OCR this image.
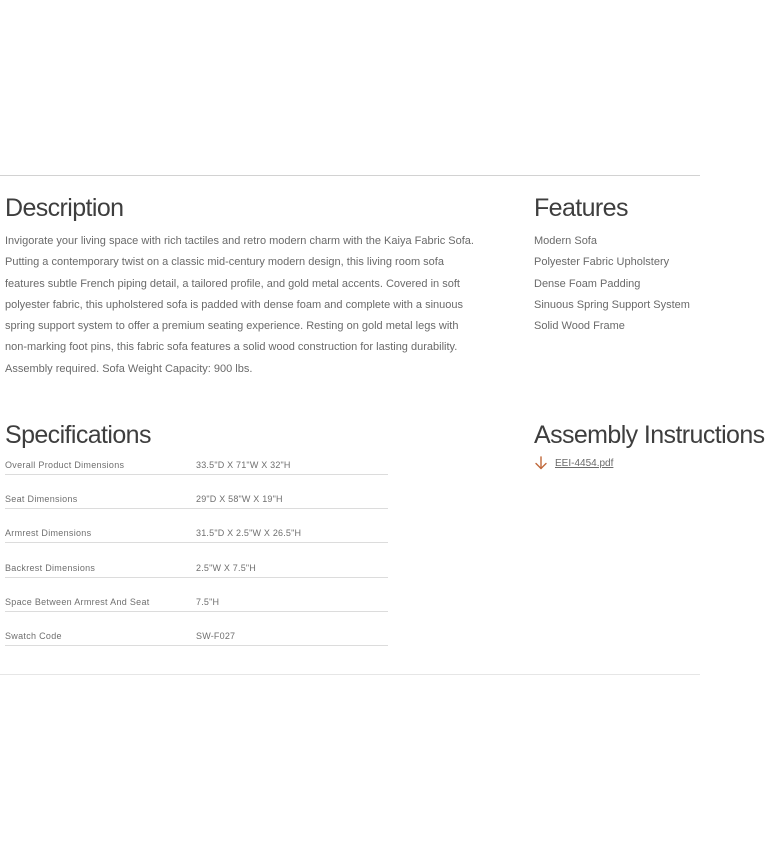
Description

Invigorate your living space with rich tactiles and retro modern charm with the Kaiya Fabric Sofa. Putting a contemporary twist on a classic mid-century modern design, this living room sofa features subtle French piping detail, a tailored profile, and gold metal accents. Covered in soft polyester fabric, this upholstered sofa is padded with dense foam and complete with a sinuous spring support system to offer a premium seating experience. Resting on gold metal legs with non-marking foot pins, this fabric sofa features a solid wood construction for lasting durability. Assembly required. Sofa Weight Capacity: 900 lbs.

Features
Modern Sofa
Polyester Fabric Upholstery
Dense Foam Padding
Sinuous Spring Support System
Solid Wood Frame
Specifications
Overall Product Dimensions	33.5"D X 71"W X 32"H
Seat Dimensions	29"D X 58"W X 19"H
Armrest Dimensions	31.5"D X 2.5"W X 26.5"H
Backrest Dimensions	2.5"W X 7.5"H
Space Between Armrest And Seat	7.5"H
Swatch Code	SW-F027
Assembly Instructions
EEI-4454.pdf
